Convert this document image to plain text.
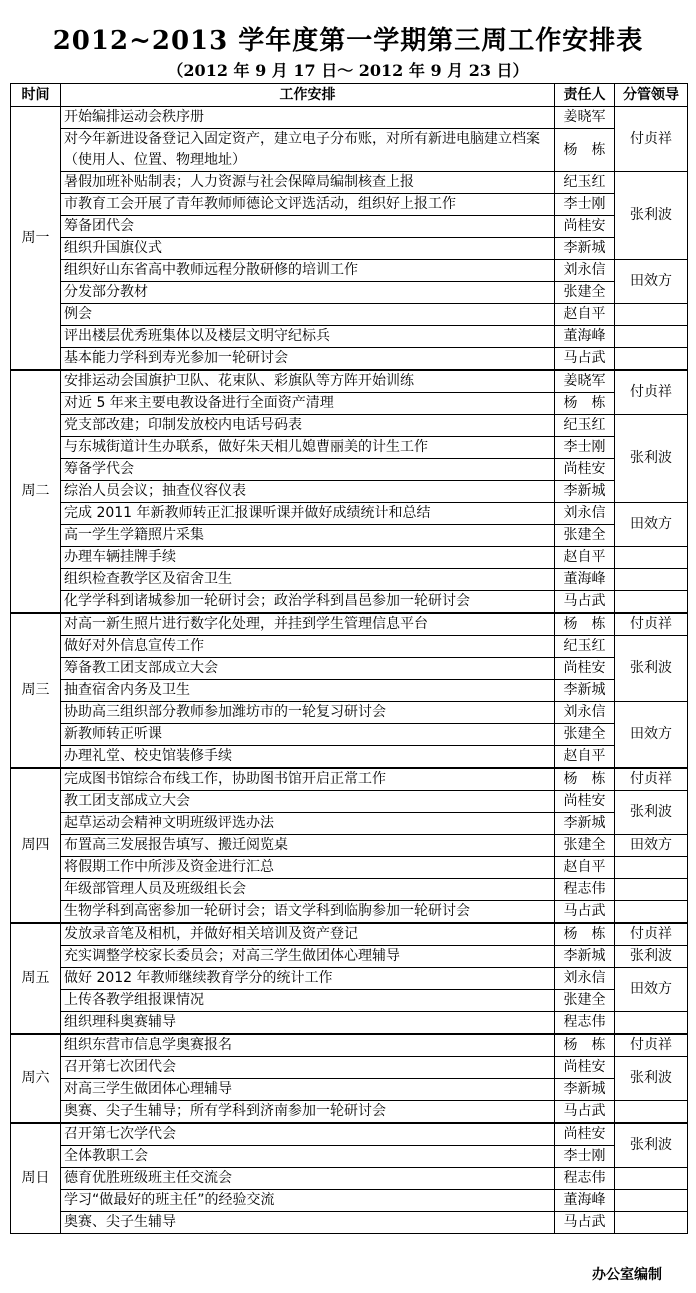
2012~2013 学年度第一学期第三周工作安排表
（2012 年 9 月 17 日～ 2012 年 9 月 23 日）
时间	工作安排	责任人	分管领导
周一	开始编排运动会秩序册	姜晓军	付贞祥
	对今年新进设备登记入固定资产，建立电子分布账，对所有新进电脑建立档案（使用人、位置、物理地址）	杨　栋	
	暑假加班补贴制表；人力资源与社会保障局编制核查上报	纪玉红	张利波
	市教育工会开展了青年教师师德论文评选活动，组织好上报工作	李士刚	
	筹备团代会	尚桂安	
	组织升国旗仪式	李新城	
	组织好山东省高中教师远程分散研修的培训工作	刘永信	田效方
	分发部分教材	张建全	
	例会	赵自平	
	评出楼层优秀班集体以及楼层文明守纪标兵	董海峰	
	基本能力学科到寿光参加一轮研讨会	马占武	
周二	安排运动会国旗护卫队、花束队、彩旗队等方阵开始训练	姜晓军	付贞祥
	对近 5 年来主要电教设备进行全面资产清理	杨　栋	
	党支部改建；印制发放校内电话号码表	纪玉红	张利波
	与东城街道计生办联系，做好朱天相儿媳曹丽美的计生工作	李士刚	
	筹备学代会	尚桂安	
	综治人员会议；抽查仪容仪表	李新城	
	完成 2011 年新教师转正汇报课听课并做好成绩统计和总结	刘永信	田效方
	高一学生学籍照片采集	张建全	
	办理车辆挂牌手续	赵自平	
	组织检查教学区及宿舍卫生	董海峰	
	化学学科到诸城参加一轮研讨会；政治学科到昌邑参加一轮研讨会	马占武	
周三	对高一新生照片进行数字化处理，并挂到学生管理信息平台	杨　栋	付贞祥
	做好对外信息宣传工作	纪玉红	张利波
	筹备教工团支部成立大会	尚桂安	
	抽查宿舍内务及卫生	李新城	
	协助高三组织部分教师参加潍坊市的一轮复习研讨会	刘永信	田效方
	新教师转正听课	张建全	
	办理礼堂、校史馆装修手续	赵自平	
周四	完成图书馆综合布线工作，协助图书馆开启正常工作	杨　栋	付贞祥
	教工团支部成立大会	尚桂安	张利波
	起草运动会精神文明班级评选办法	李新城	
	布置高三发展报告填写、搬迁阅览桌	张建全	田效方
	将假期工作中所涉及资金进行汇总	赵自平	
	年级部管理人员及班级组长会	程志伟	
	生物学科到高密参加一轮研讨会；语文学科到临朐参加一轮研讨会	马占武	
周五	发放录音笔及相机，并做好相关培训及资产登记	杨　栋	付贞祥
	充实调整学校家长委员会；对高三学生做团体心理辅导	李新城	张利波
	做好 2012 年教师继续教育学分的统计工作	刘永信	田效方
	上传各教学组报课情况	张建全	
	组织理科奥赛辅导	程志伟	
周六	组织东营市信息学奥赛报名	杨　栋	付贞祥
	召开第七次团代会	尚桂安	张利波
	对高三学生做团体心理辅导	李新城	
	奥赛、尖子生辅导；所有学科到济南参加一轮研讨会	马占武	
周日	召开第七次学代会	尚桂安	张利波
	全体教职工会	李士刚	
	德育优胜班级班主任交流会	程志伟	
	学习“做最好的班主任”的经验交流	董海峰	
	奥赛、尖子生辅导	马占武	
办公室编制
